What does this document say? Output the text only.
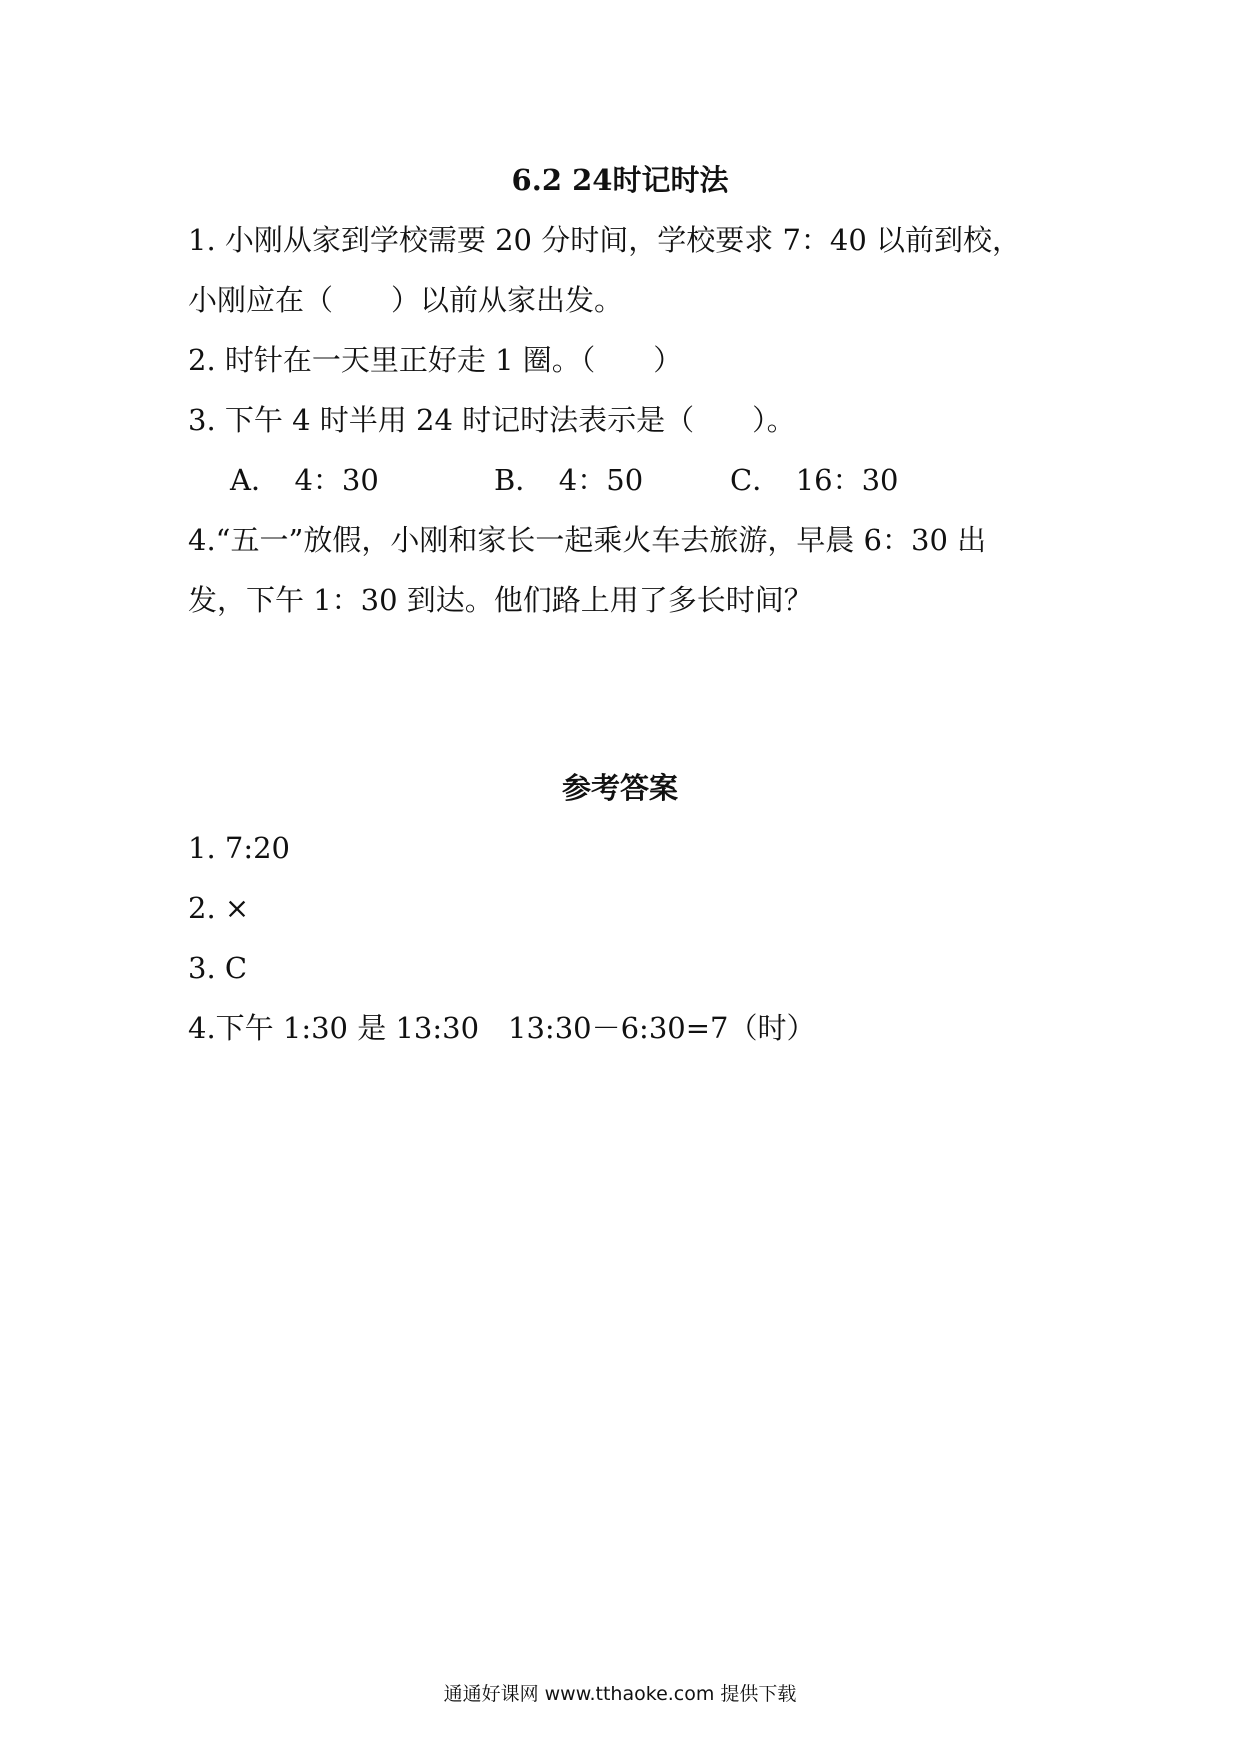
6.2 24时记时法
1. 小刚从家到学校需要 20 分时间，学校要求 7：40 以前到校，
小刚应在（　　）以前从家出发。
2. 时针在一天里正好走 1 圈。（　　）
3. 下午 4 时半用 24 时记时法表示是（　　）。
A．　4：30	B．　4：50	C．　16：30
4.“五一”放假，小刚和家长一起乘火车去旅游，早晨 6：30 出
发，下午 1：30 到达。他们路上用了多长时间？
参考答案
1. 7:20
2. ×
3. C
4.下午 1:30 是 13:30　13:30－6:30=7（时）
通通好课网 www.tthaoke.com 提供下载
